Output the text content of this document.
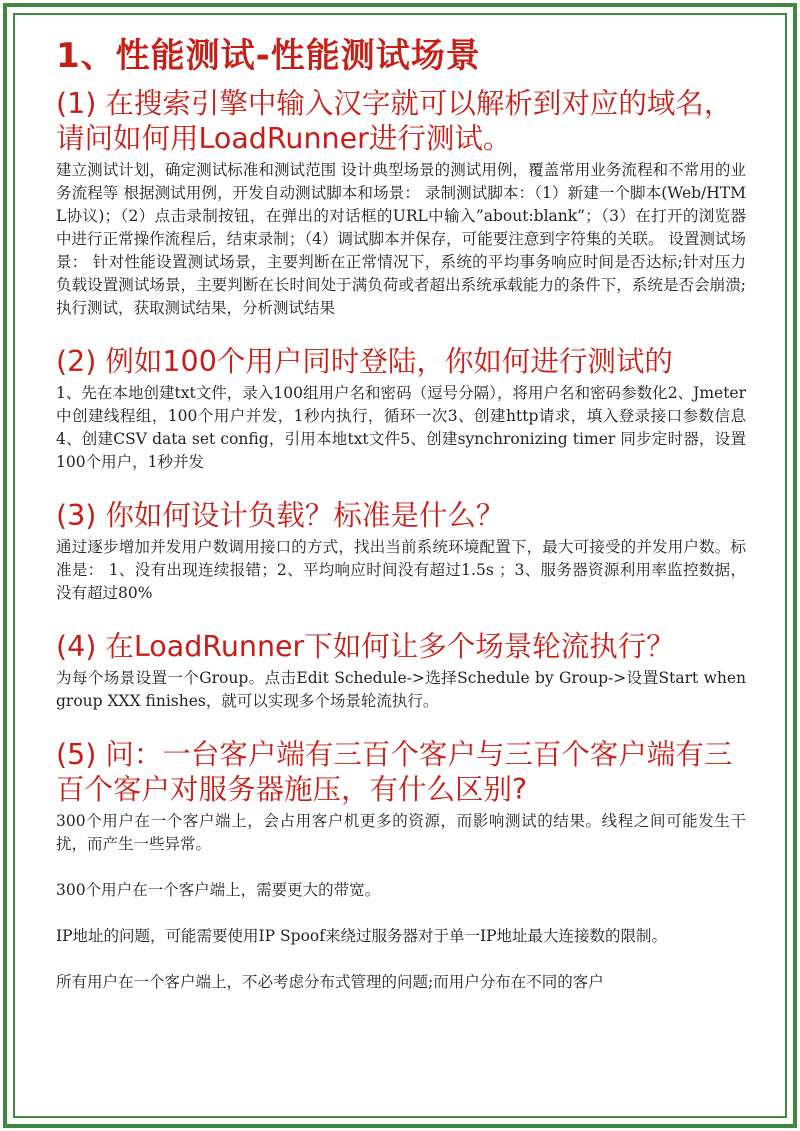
1、性能测试-性能测试场景
(1) 在搜索引擎中输入汉字就可以解析到对应的域名，请问如何用LoadRunner进行测试。

建立测试计划，确定测试标准和测试范围 设计典型场景的测试用例，覆盖常用业务流程和不常用的业务流程等 根据测试用例，开发自动测试脚本和场景： 录制测试脚本：（1）新建一个脚本(Web/HTML协议)；（2）点击录制按钮，在弹出的对话框的URL中输入”about:blank”；（3）在打开的浏览器中进行正常操作流程后，结束录制；（4）调试脚本并保存，可能要注意到字符集的关联。 设置测试场景： 针对性能设置测试场景，主要判断在正常情况下，系统的平均事务响应时间是否达标;针对压力负载设置测试场景，主要判断在长时间处于满负荷或者超出系统承载能力的条件下，系统是否会崩溃;执行测试，获取测试结果，分析测试结果

(2) 例如100个用户同时登陆，你如何进行测试的

1、先在本地创建txt文件，录入100组用户名和密码（逗号分隔），将用户名和密码参数化2、Jmeter中创建线程组，100个用户并发，1秒内执行，循环一次3、创建http请求，填入登录接口参数信息4、创建CSV data set config，引用本地txt文件5、创建synchronizing timer 同步定时器，设置100个用户，1秒并发

(3) 你如何设计负载？标准是什么？

通过逐步增加并发用户数调用接口的方式，找出当前系统环境配置下，最大可接受的并发用户数。标准是： 1、没有出现连续报错；2、平均响应时间没有超过1.5s ；3、服务器资源利用率监控数据，没有超过80%

(4) 在LoadRunner下如何让多个场景轮流执行？

为每个场景设置一个Group。点击Edit Schedule->选择Schedule by Group->设置Start when group XXX finishes，就可以实现多个场景轮流执行。

(5) 问：一台客户端有三百个客户与三百个客户端有三百个客户对服务器施压，有什么区别?

300个用户在一个客户端上，会占用客户机更多的资源，而影响测试的结果。线程之间可能发生干扰，而产生一些异常。

300个用户在一个客户端上，需要更大的带宽。

IP地址的问题，可能需要使用IP Spoof来绕过服务器对于单一IP地址最大连接数的限制。

所有用户在一个客户端上，不必考虑分布式管理的问题;而用户分布在不同的客户
